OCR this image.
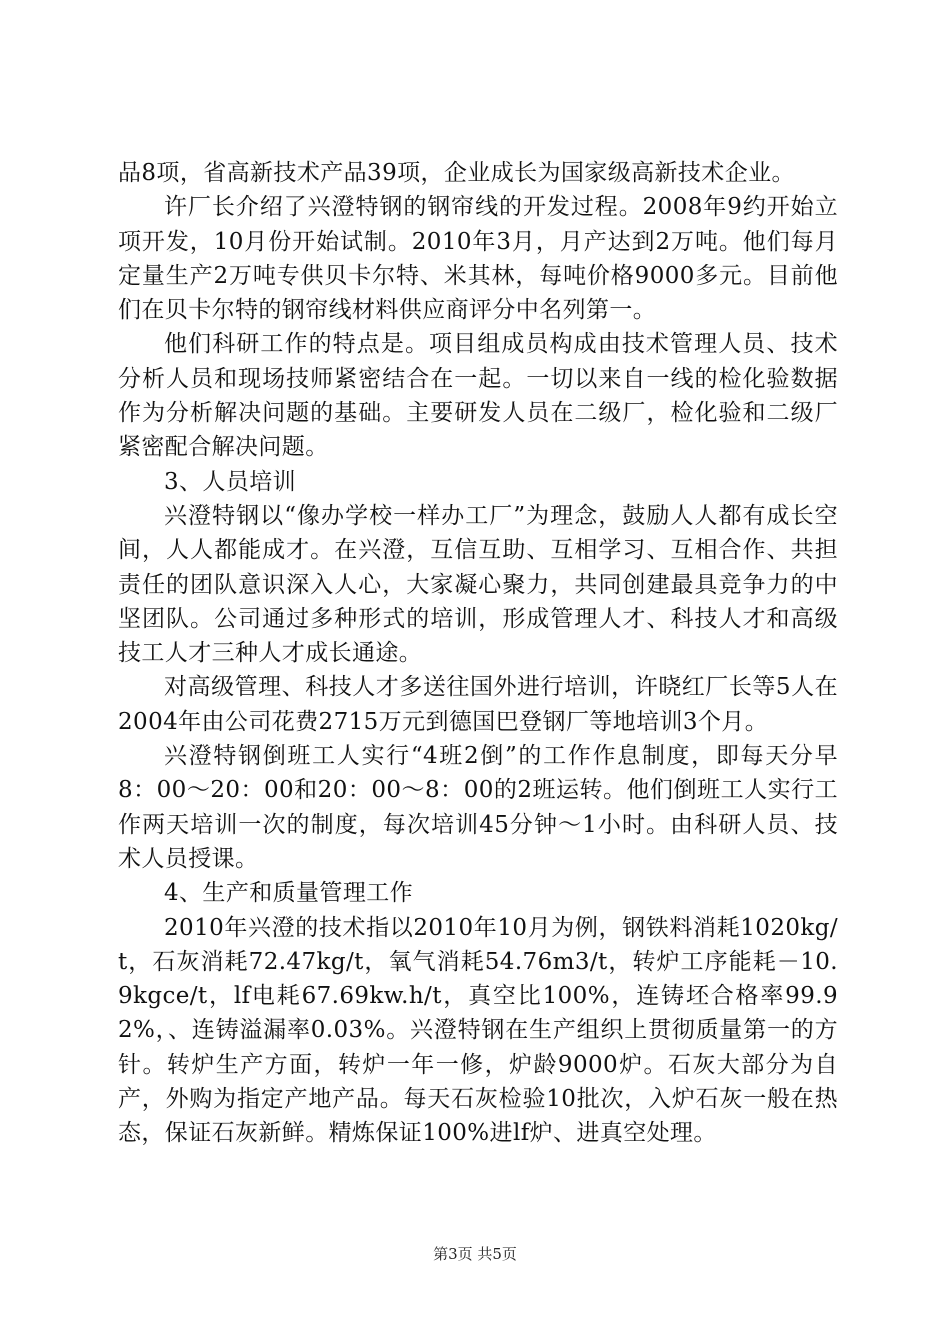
品8项，省高新技术产品39项，企业成长为国家级高新技术企业。

许厂长介绍了兴澄特钢的钢帘线的开发过程。2008年9约开始立项开发，10月份开始试制。2010年3月，月产达到2万吨。他们每月定量生产2万吨专供贝卡尔特、米其林，每吨价格9000多元。目前他们在贝卡尔特的钢帘线材料供应商评分中名列第一。

他们科研工作的特点是。项目组成员构成由技术管理人员、技术分析人员和现场技师紧密结合在一起。一切以来自一线的检化验数据作为分析解决问题的基础。主要研发人员在二级厂，检化验和二级厂紧密配合解决问题。

3、人员培训

兴澄特钢以“像办学校一样办工厂”为理念，鼓励人人都有成长空间，人人都能成才。在兴澄，互信互助、互相学习、互相合作、共担责任的团队意识深入人心，大家凝心聚力，共同创建最具竞争力的中坚团队。公司通过多种形式的培训，形成管理人才、科技人才和高级技工人才三种人才成长通途。

对高级管理、科技人才多送往国外进行培训，许晓红厂长等5人在2004年由公司花费2715万元到德国巴登钢厂等地培训3个月。

兴澄特钢倒班工人实行“4班2倒”的工作作息制度，即每天分早8：00～20：00和20：00～8：00的2班运转。他们倒班工人实行工作两天培训一次的制度，每次培训45分钟～1小时。由科研人员、技术人员授课。

4、生产和质量管理工作

2010年兴澄的技术指以2010年10月为例，钢铁料消耗1020kg/t，石灰消耗72.47kg/t，氧气消耗54.76m3/t，转炉工序能耗－10.9kgce/t，lf电耗67.69kw.h/t，真空比100%，连铸坯合格率99.92%，、连铸溢漏率0.03%。兴澄特钢在生产组织上贯彻质量第一的方针。转炉生产方面，转炉一年一修，炉龄9000炉。石灰大部分为自产，外购为指定产地产品。每天石灰检验10批次，入炉石灰一般在热态，保证石灰新鲜。精炼保证100%进lf炉、进真空处理。

第3页 共5页
